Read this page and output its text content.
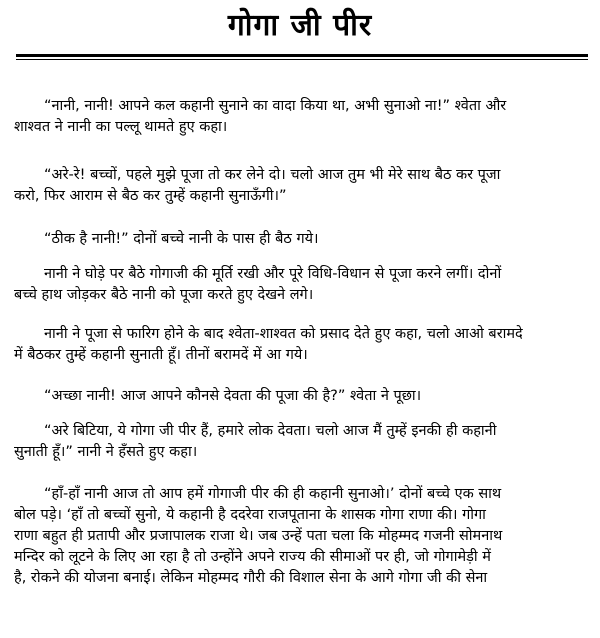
गोगा जी पीर

“नानी, नानी! आपने कल कहानी सुनाने का वादा किया था, अभी सुनाओ ना!” श्वेता और
शाश्वत ने नानी का पल्लू थामते हुए कहा।

“अरे-रे! बच्चों, पहले मुझे पूजा तो कर लेने दो। चलो आज तुम भी मेरे साथ बैठ कर पूजा
करो, फिर आराम से बैठ कर तुम्हें कहानी सुनाऊँगी।”

“ठीक है नानी!” दोनों बच्चे नानी के पास ही बैठ गये।

नानी ने घोड़े पर बैठे गोगाजी की मूर्ति रखी और पूरे विधि-विधान से पूजा करने लगीं। दोनों
बच्चे हाथ जोड़कर बैठे नानी को पूजा करते हुए देखने लगे।

नानी ने पूजा से फारिग होने के बाद श्वेता-शाश्वत को प्रसाद देते हुए कहा, चलो आओ बरामदे
में बैठकर तुम्हें कहानी सुनाती हूँ। तीनों बरामदें में आ गये।

“अच्छा नानी! आज आपने कौनसे देवता की पूजा की है?” श्वेता ने पूछा।

“अरे बिटिया, ये गोगा जी पीर हैं, हमारे लोक देवता। चलो आज मैं तुम्हें इनकी ही कहानी
सुनाती हूँ।” नानी ने हँसते हुए कहा।

“हाँ-हाँ नानी आज तो आप हमें गोगाजी पीर की ही कहानी सुनाओ।’ दोनों बच्चे एक साथ
बोल पड़े। ‘हाँ तो बच्चों सुनो, ये कहानी है ददरेवा राजपूताना के शासक गोगा राणा की। गोगा
राणा बहुत ही प्रतापी और प्रजापालक राजा थे। जब उन्हें पता चला कि मोहम्मद गजनी सोमनाथ
मन्दिर को लूटने के लिए आ रहा है तो उन्होंने अपने राज्य की सीमाओं पर ही, जो गोगामेड़ी में
है, रोकने की योजना बनाई। लेकिन मोहम्मद गौरी की विशाल सेना के आगे गोगा जी की सेना
